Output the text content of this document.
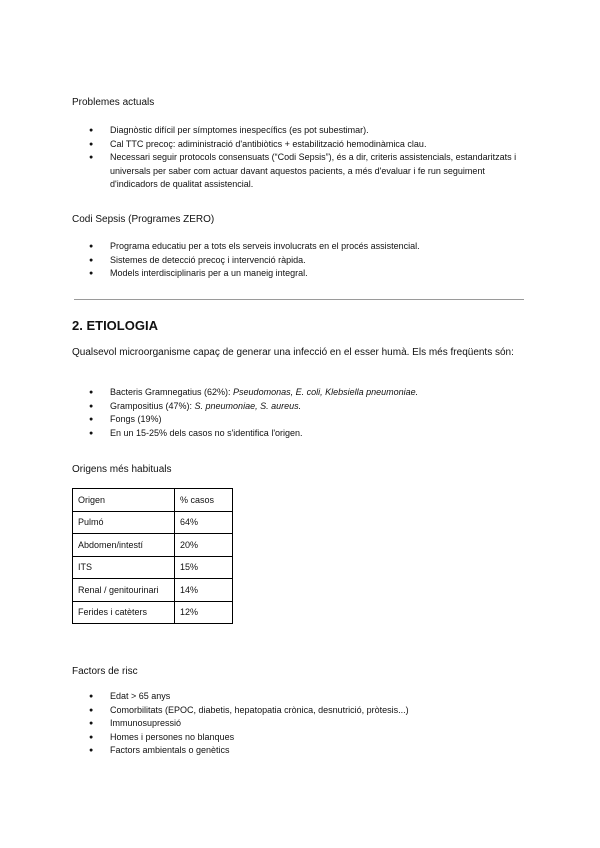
Problemes actuals
● Diagnòstic difícil per símptomes inespecífics (es pot subestimar).
● Cal TTC precoç: adiministració d'antibiòtics + estabilització hemodinàmica clau.
● Necessari seguir protocols consensuats (“Codi Sepsis”), és a dir, criteris assistencials, estandaritzats i universals per saber com actuar davant aquestos pacients, a més d'evaluar i fe run seguiment d'indicadors de qualitat assistencial.
Codi Sepsis (Programes ZERO)
● Programa educatiu per a tots els serveis involucrats en el procés assistencial.
● Sistemes de detecció precoç i intervenció ràpida.
● Models interdisciplinaris per a un maneig integral.
2. ETIOLOGIA
Qualsevol microorganisme capaç de generar una infecció en el esser humà. Els més freqüents són:
● Bacteris Gramnegatius (62%): Pseudomonas, E. coli, Klebsiella pneumoniae.
● Grampositius (47%): S. pneumoniae, S. aureus.
● Fongs (19%)
● En un 15-25% dels casos no s'identifica l'origen.
Origens més habituals
Origen	% casos
Pulmó	64%
Abdomen/intestí	20%
ITS	15%
Renal / genitourinari	14%
Ferides i catèters	12%
Factors de risc
● Edat > 65 anys
● Comorbilitats (EPOC, diabetis, hepatopatia crònica, desnutrició, pròtesis...)
● Immunosupressió
● Homes i persones no blanques
● Factors ambientals o genètics
